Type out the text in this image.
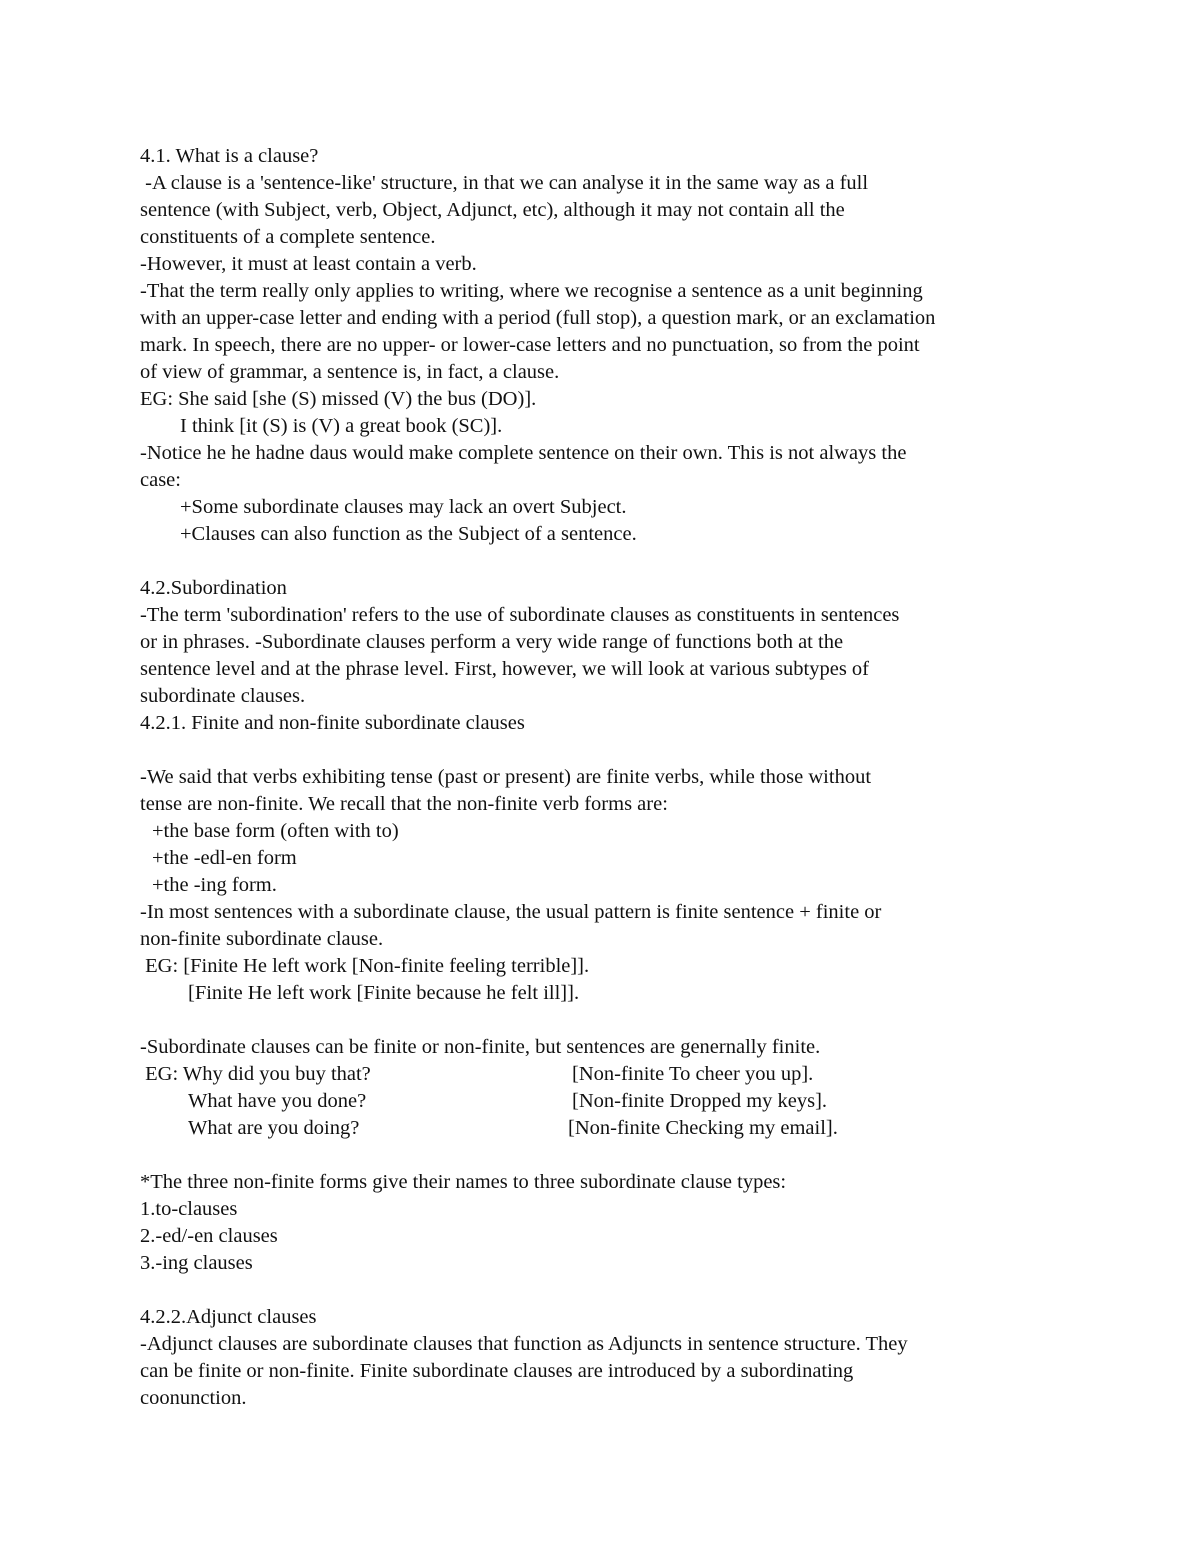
4.1. What is a clause?
-A clause is a 'sentence-like' structure, in that we can analyse it in the same way as a full
sentence (with Subject, verb, Object, Adjunct, etc), although it may not contain all the
constituents of a complete sentence.
-However, it must at least contain a verb.
-That the term really only applies to writing, where we recognise a sentence as a unit beginning
with an upper-case letter and ending with a period (full stop), a question mark, or an exclamation
mark. In speech, there are no upper- or lower-case letters and no punctuation, so from the point
of view of grammar, a sentence is, in fact, a clause.
EG: She said [she (S) missed (V) the bus (DO)].
I think [it (S) is (V) a great book (SC)].
-Notice he he hadne daus would make complete sentence on their own. This is not always the
case:
+Some subordinate clauses may lack an overt Subject.
+Clauses can also function as the Subject of a sentence.
4.2.Subordination
-The term 'subordination' refers to the use of subordinate clauses as constituents in sentences
or in phrases. -Subordinate clauses perform a very wide range of functions both at the
sentence level and at the phrase level. First, however, we will look at various subtypes of
subordinate clauses.
4.2.1. Finite and non-finite subordinate clauses
-We said that verbs exhibiting tense (past or present) are finite verbs, while those without
tense are non-finite. We recall that the non-finite verb forms are:
+the base form (often with to)
+the -edl-en form
+the -ing form.
-In most sentences with a subordinate clause, the usual pattern is finite sentence + finite or
non-finite subordinate clause.
EG: [Finite He left work [Non-finite feeling terrible]].
[Finite He left work [Finite because he felt ill]].
-Subordinate clauses can be finite or non-finite, but sentences are genernally finite.
EG: Why did you buy that?	[Non-finite To cheer you up].
What have you done?	[Non-finite Dropped my keys].
What are you doing?	[Non-finite Checking my email].
*The three non-finite forms give their names to three subordinate clause types:
1.to-clauses
2.-ed/-en clauses
3.-ing clauses
4.2.2.Adjunct clauses
-Adjunct clauses are subordinate clauses that function as Adjuncts in sentence structure. They
can be finite or non-finite. Finite subordinate clauses are introduced by a subordinating
coonunction.
